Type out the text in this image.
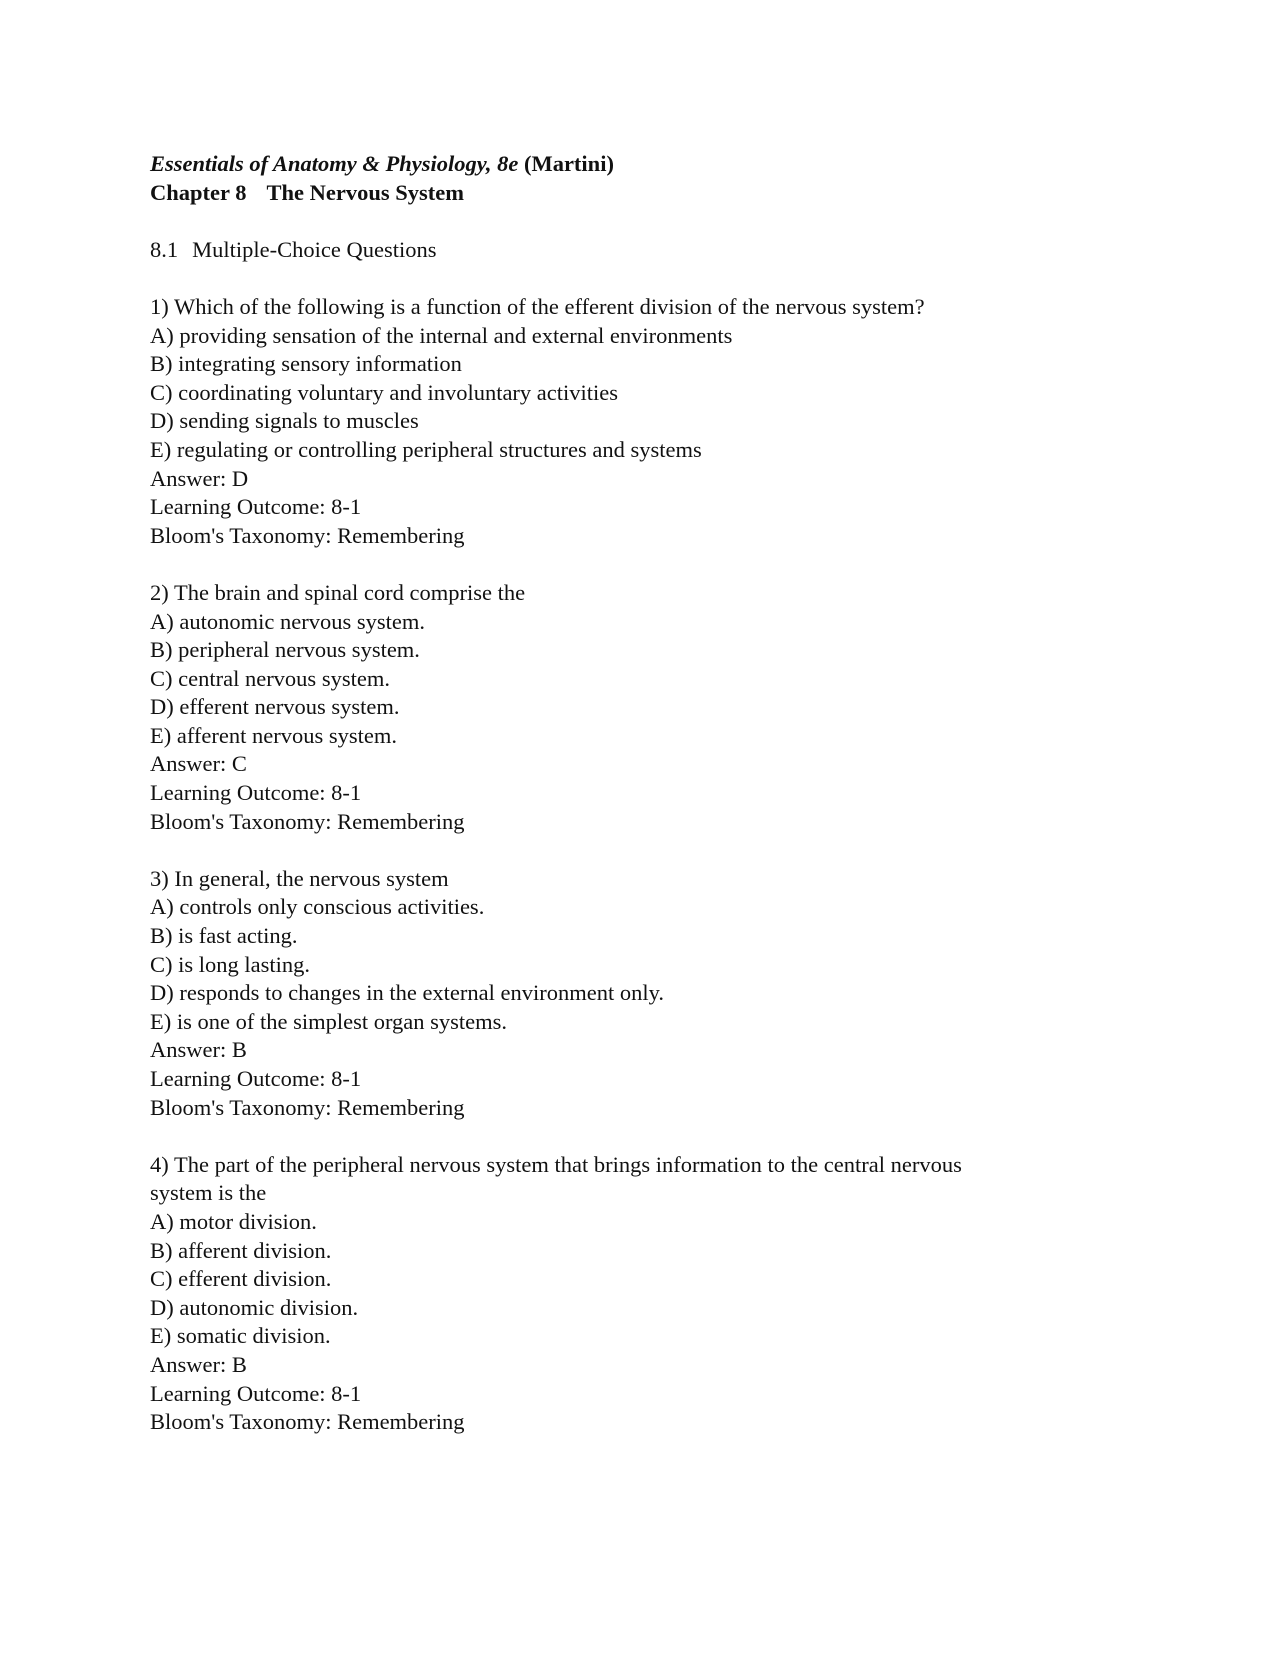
Essentials of Anatomy & Physiology, 8e (Martini)
Chapter 8 The Nervous System
8.1 Multiple-Choice Questions
1) Which of the following is a function of the efferent division of the nervous system?
A) providing sensation of the internal and external environments
B) integrating sensory information
C) coordinating voluntary and involuntary activities
D) sending signals to muscles
E) regulating or controlling peripheral structures and systems
Answer: D
Learning Outcome: 8-1
Bloom's Taxonomy: Remembering
2) The brain and spinal cord comprise the
A) autonomic nervous system.
B) peripheral nervous system.
C) central nervous system.
D) efferent nervous system.
E) afferent nervous system.
Answer: C
Learning Outcome: 8-1
Bloom's Taxonomy: Remembering
3) In general, the nervous system
A) controls only conscious activities.
B) is fast acting.
C) is long lasting.
D) responds to changes in the external environment only.
E) is one of the simplest organ systems.
Answer: B
Learning Outcome: 8-1
Bloom's Taxonomy: Remembering
4) The part of the peripheral nervous system that brings information to the central nervous
system is the
A) motor division.
B) afferent division.
C) efferent division.
D) autonomic division.
E) somatic division.
Answer: B
Learning Outcome: 8-1
Bloom's Taxonomy: Remembering
